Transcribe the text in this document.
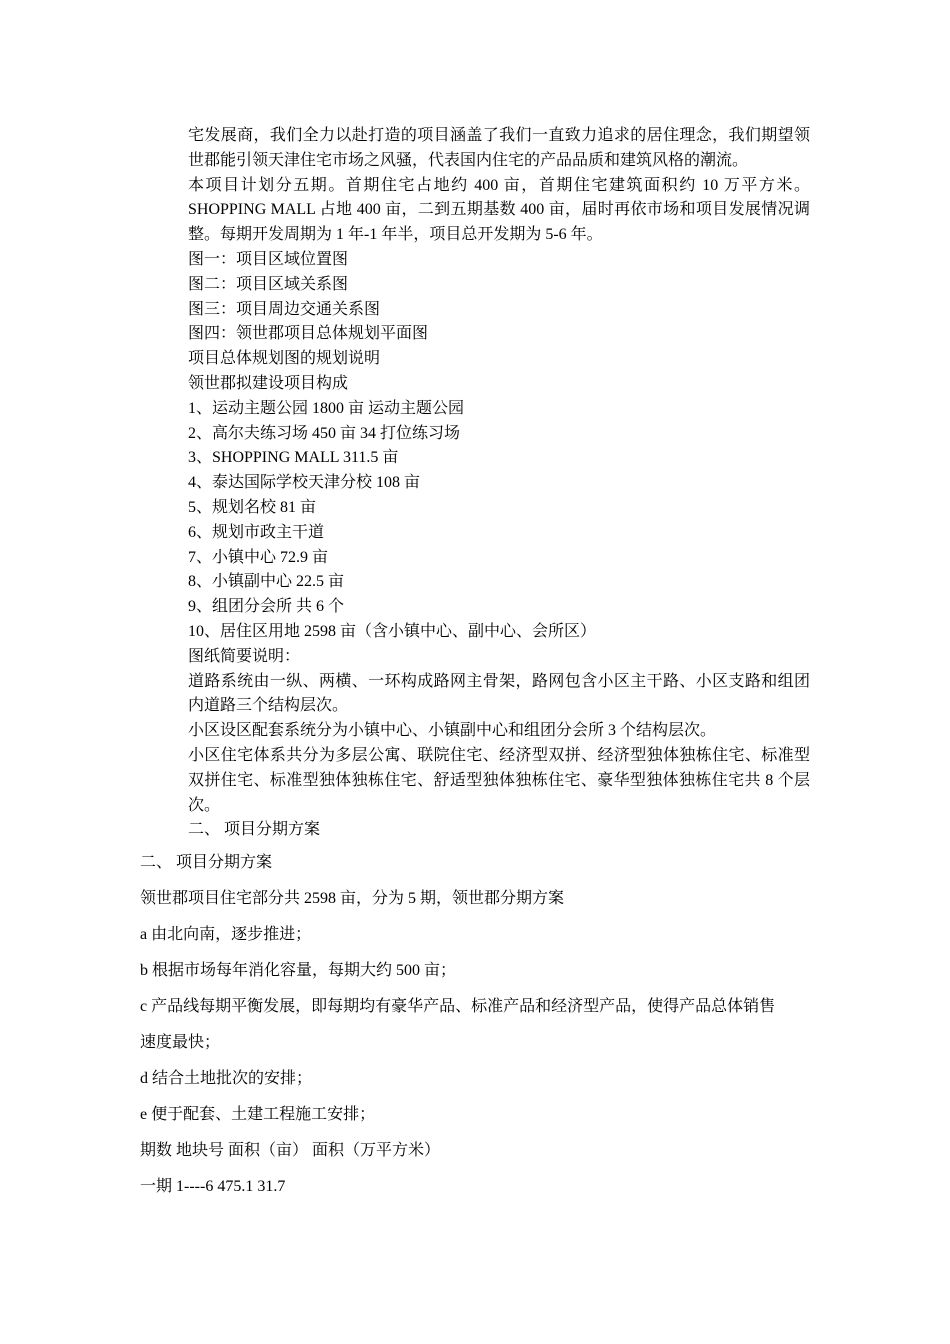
宅发展商，我们全力以赴打造的项目涵盖了我们一直致力追求的居住理念，我们期望领世郡能引领天津住宅市场之风骚，代表国内住宅的产品品质和建筑风格的潮流。

本项目计划分五期。首期住宅占地约 400 亩，首期住宅建筑面积约 10 万平方米。SHOPPING MALL 占地 400 亩，二到五期基数 400 亩，届时再依市场和项目发展情况调整。每期开发周期为 1 年-1 年半，项目总开发期为 5-6 年。

图一：项目区域位置图

图二：项目区域关系图

图三：项目周边交通关系图

图四：领世郡项目总体规划平面图

项目总体规划图的规划说明

领世郡拟建设项目构成

1、运动主题公园 1800 亩 运动主题公园

2、高尔夫练习场 450 亩 34 打位练习场

3、SHOPPING MALL 311.5 亩

4、泰达国际学校天津分校 108 亩

5、规划名校 81 亩

6、规划市政主干道

7、小镇中心 72.9 亩

8、小镇副中心 22.5 亩

9、组团分会所 共 6 个

10、居住区用地 2598 亩（含小镇中心、副中心、会所区）

图纸简要说明：

道路系统由一纵、两横、一环构成路网主骨架，路网包含小区主干路、小区支路和组团内道路三个结构层次。

小区设区配套系统分为小镇中心、小镇副中心和组团分会所 3 个结构层次。

小区住宅体系共分为多层公寓、联院住宅、经济型双拼、经济型独体独栋住宅、标准型双拼住宅、标准型独体独栋住宅、舒适型独体独栋住宅、豪华型独体独栋住宅共 8 个层次。

二、 项目分期方案

二、 项目分期方案

领世郡项目住宅部分共 2598 亩，分为 5 期，领世郡分期方案

a 由北向南，逐步推进；

b 根据市场每年消化容量，每期大约 500 亩；

c 产品线每期平衡发展，即每期均有豪华产品、标准产品和经济型产品，使得产品总体销售

速度最快；

d 结合土地批次的安排；

e 便于配套、土建工程施工安排；

期数 地块号 面积（亩） 面积（万平方米）

一期 1----6 475.1 31.7
